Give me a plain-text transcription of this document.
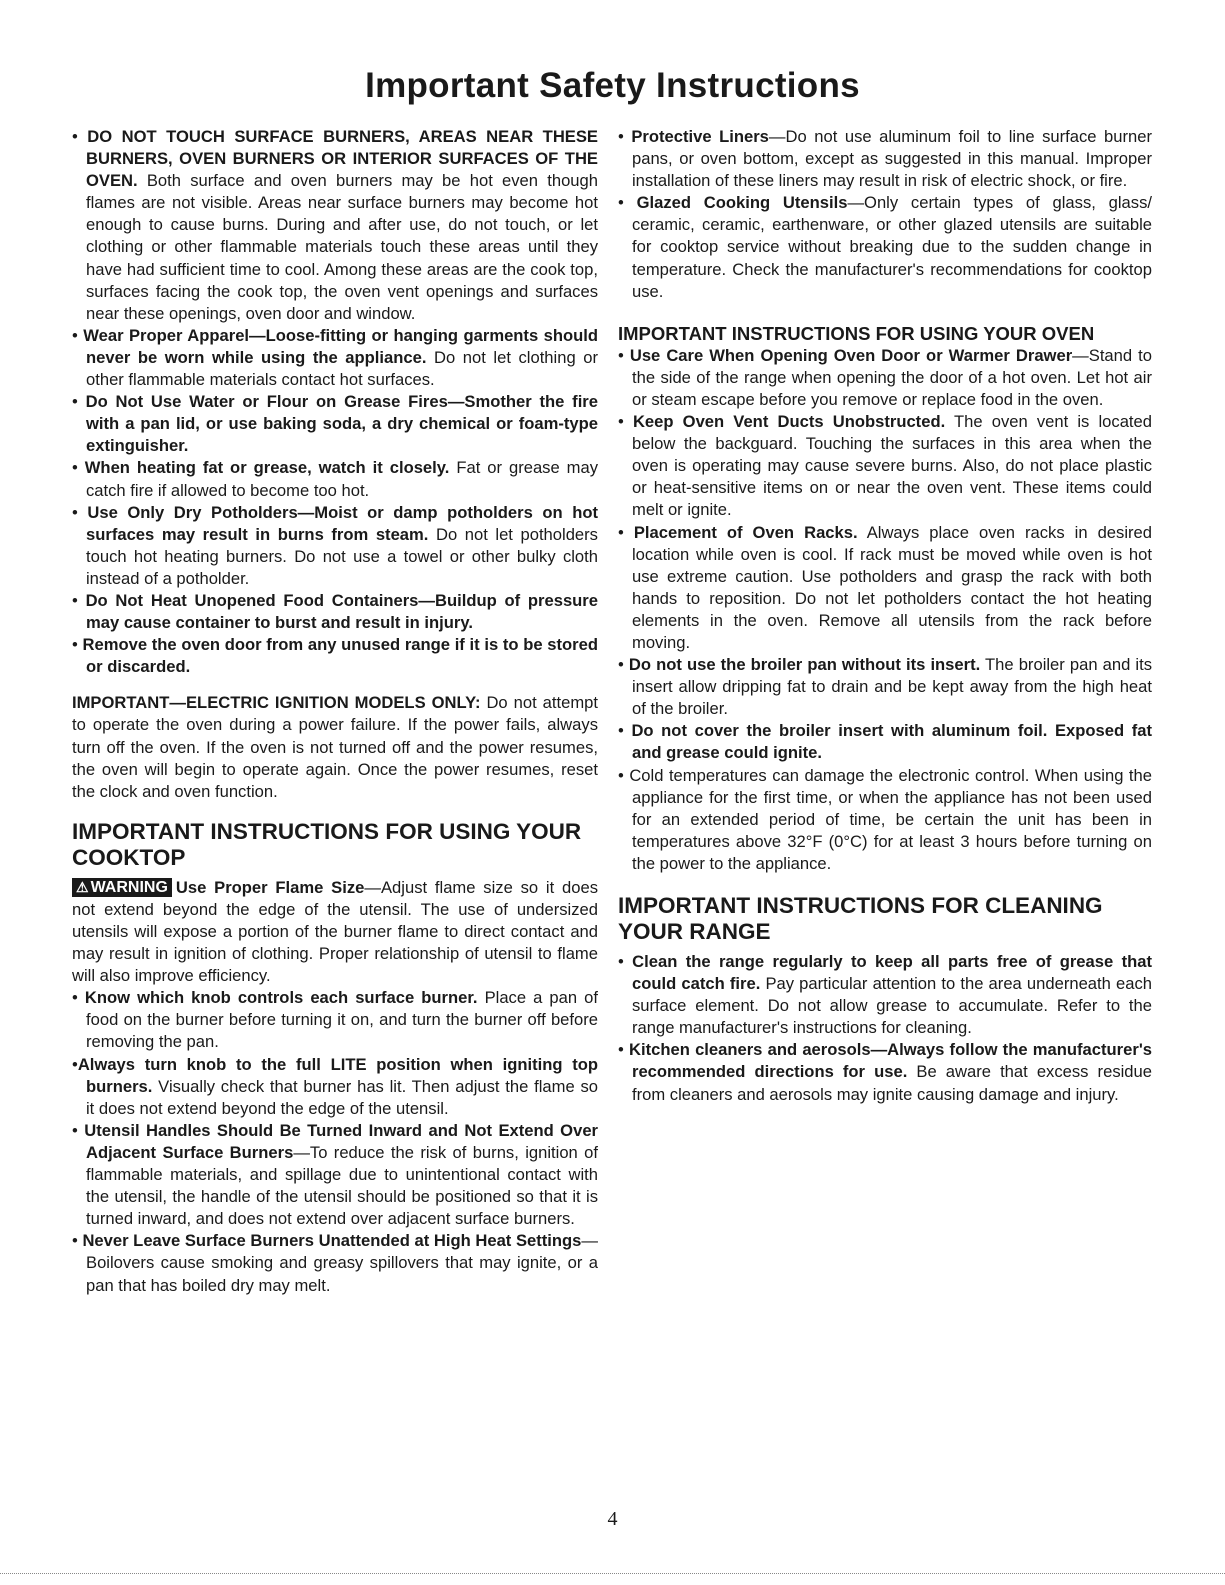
Important Safety Instructions

• DO NOT TOUCH SURFACE BURNERS, AREAS NEAR THESE BURNERS, OVEN BURNERS OR INTERIOR SURFACES OF THE OVEN. Both surface and oven burners may be hot even though flames are not visible. Areas near surface burners may become hot enough to cause burns. During and after use, do not touch, or let clothing or other flammable materials touch these areas until they have had sufficient time to cool. Among these areas are the cook top, surfaces facing the cook top, the oven vent openings and surfaces near these openings, oven door and window.

• Wear Proper Apparel—Loose-fitting or hanging garments should never be worn while using the appliance. Do not let clothing or other flammable materials contact hot surfaces.

• Do Not Use Water or Flour on Grease Fires—Smother the fire with a pan lid, or use baking soda, a dry chemical or foam-type extinguisher.

• When heating fat or grease, watch it closely. Fat or grease may catch fire if allowed to become too hot.

• Use Only Dry Potholders—Moist or damp potholders on hot surfaces may result in burns from steam. Do not let potholders touch hot heating burners. Do not use a towel or other bulky cloth instead of a potholder.

• Do Not Heat Unopened Food Containers—Buildup of pressure may cause container to burst and result in injury.

• Remove the oven door from any unused range if it is to be stored or discarded.

IMPORTANT—ELECTRIC IGNITION MODELS ONLY: Do not attempt to operate the oven during a power failure. If the power fails, always turn off the oven. If the oven is not turned off and the power resumes, the oven will begin to operate again. Once the power resumes, reset the clock and oven function.

IMPORTANT INSTRUCTIONS FOR USING YOUR COOKTOP

⚠ WARNING Use Proper Flame Size—Adjust flame size so it does not extend beyond the edge of the utensil. The use of undersized utensils will expose a portion of the burner flame to direct contact and may result in ignition of clothing. Proper relationship of utensil to flame will also improve efficiency.

• Know which knob controls each surface burner. Place a pan of food on the burner before turning it on, and turn the burner off before removing the pan.

•Always turn knob to the full LITE position when igniting top burners. Visually check that burner has lit. Then adjust the flame so it does not extend beyond the edge of the utensil.

• Utensil Handles Should Be Turned Inward and Not Extend Over Adjacent Surface Burners—To reduce the risk of burns, ignition of flammable materials, and spillage due to unintentional contact with the utensil, the handle of the utensil should be positioned so that it is turned inward, and does not extend over adjacent surface burners.

• Never Leave Surface Burners Unattended at High Heat Settings—Boilovers cause smoking and greasy spillovers that may ignite, or a pan that has boiled dry may melt.

• Protective Liners—Do not use aluminum foil to line surface burner pans, or oven bottom, except as suggested in this manual. Improper installation of these liners may result in risk of electric shock, or fire.

• Glazed Cooking Utensils—Only certain types of glass, glass/ ceramic, ceramic, earthenware, or other glazed utensils are suitable for cooktop service without breaking due to the sudden change in temperature. Check the manufacturer's recommendations for cooktop use.

IMPORTANT INSTRUCTIONS FOR USING YOUR OVEN

• Use Care When Opening Oven Door or Warmer Drawer—Stand to the side of the range when opening the door of a hot oven. Let hot air or steam escape before you remove or replace food in the oven.

• Keep Oven Vent Ducts Unobstructed. The oven vent is located below the backguard. Touching the surfaces in this area when the oven is operating may cause severe burns. Also, do not place plastic or heat-sensitive items on or near the oven vent. These items could melt or ignite.

• Placement of Oven Racks. Always place oven racks in desired location while oven is cool. If rack must be moved while oven is hot use extreme caution. Use potholders and grasp the rack with both hands to reposition. Do not let potholders contact the hot heating elements in the oven. Remove all utensils from the rack before moving.

• Do not use the broiler pan without its insert. The broiler pan and its insert allow dripping fat to drain and be kept away from the high heat of the broiler.

• Do not cover the broiler insert with aluminum foil. Exposed fat and grease could ignite.

• Cold temperatures can damage the electronic control. When using the appliance for the first time, or when the appliance has not been used for an extended period of time, be certain the unit has been in temperatures above 32°F (0°C) for at least 3 hours before turning on the power to the appliance.

IMPORTANT INSTRUCTIONS FOR CLEANING YOUR RANGE

• Clean the range regularly to keep all parts free of grease that could catch fire. Pay particular attention to the area underneath each surface element. Do not allow grease to accumulate. Refer to the range manufacturer's instructions for cleaning.

• Kitchen cleaners and aerosols—Always follow the manufacturer's recommended directions for use. Be aware that excess residue from cleaners and aerosols may ignite causing damage and injury.

4
